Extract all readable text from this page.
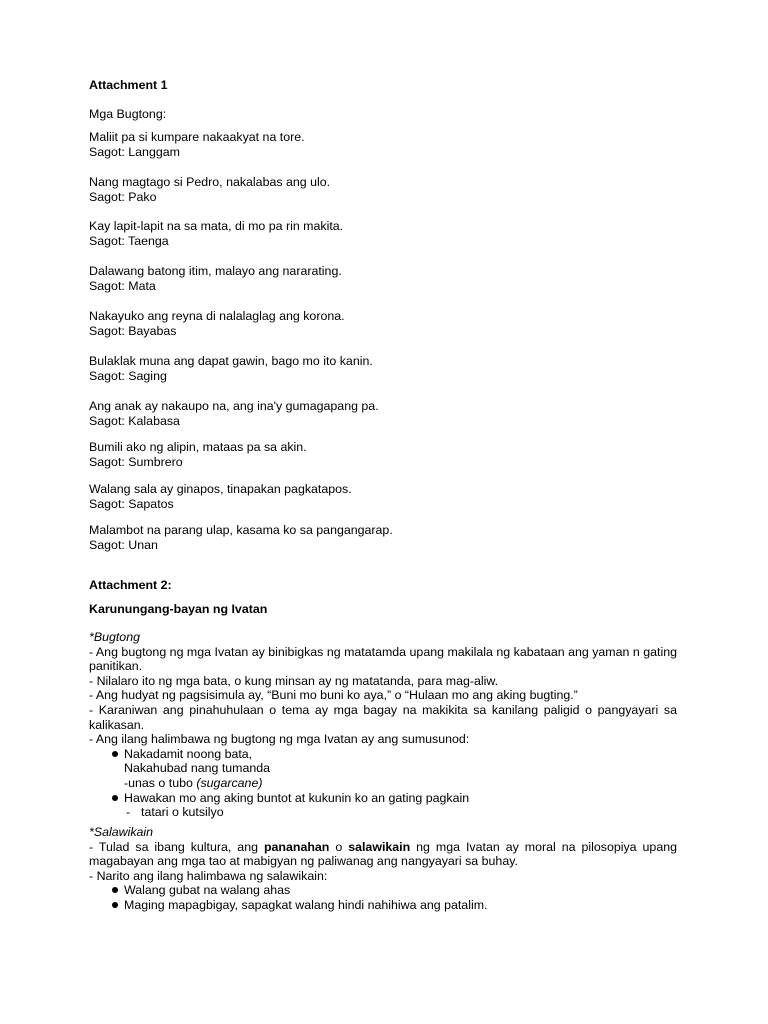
Attachment 1
Mga Bugtong:
Maliit pa si kumpare nakaakyat na tore.
Sagot: Langgam
Nang magtago si Pedro, nakalabas ang ulo.
Sagot: Pako
Kay lapit-lapit na sa mata, di mo pa rin makita.
Sagot: Taenga
Dalawang batong itim, malayo ang nararating.
Sagot: Mata
Nakayuko ang reyna di nalalaglag ang korona.
Sagot: Bayabas
Bulaklak muna ang dapat gawin, bago mo ito kanin.
Sagot: Saging
Ang anak ay nakaupo na, ang ina'y gumagapang pa.
Sagot: Kalabasa
Bumili ako ng alipin, mataas pa sa akin.
Sagot: Sumbrero
Walang sala ay ginapos, tinapakan pagkatapos.
Sagot: Sapatos
Malambot na parang ulap, kasama ko sa pangangarap.
Sagot: Unan
Attachment 2:
Karunungang-bayan ng Ivatan
*Bugtong
- Ang bugtong ng mga Ivatan ay binibigkas ng matatamda upang makilala ng kabataan ang yaman n gating panitikan.
- Nilalaro ito ng mga bata, o kung minsan ay ng matatanda, para mag-aliw.
- Ang hudyat ng pagsisimula ay, “Buni mo buni ko aya,” o “Hulaan mo ang aking bugting.”
- Karaniwan ang pinahuhulaan o tema ay mga bagay na makikita sa kanilang paligid o pangyayari sa kalikasan.
- Ang ilang halimbawa ng bugtong ng mga Ivatan ay ang sumusunod:
Nakadamit noong bata,
Nakahubad nang tumanda
-unas o tubo (sugarcane)
Hawakan mo ang aking buntot at kukunin ko an gating pagkain
- tatari o kutsilyo
*Salawikain
- Tulad sa ibang kultura, ang pananahan o salawikain ng mga Ivatan ay moral na pilosopiya upang magabayan ang mga tao at mabigyan ng paliwanag ang nangyayari sa buhay.
- Narito ang ilang halimbawa ng salawikain:
Walang gubat na walang ahas
Maging mapagbigay, sapagkat walang hindi nahihiwa ang patalim.
